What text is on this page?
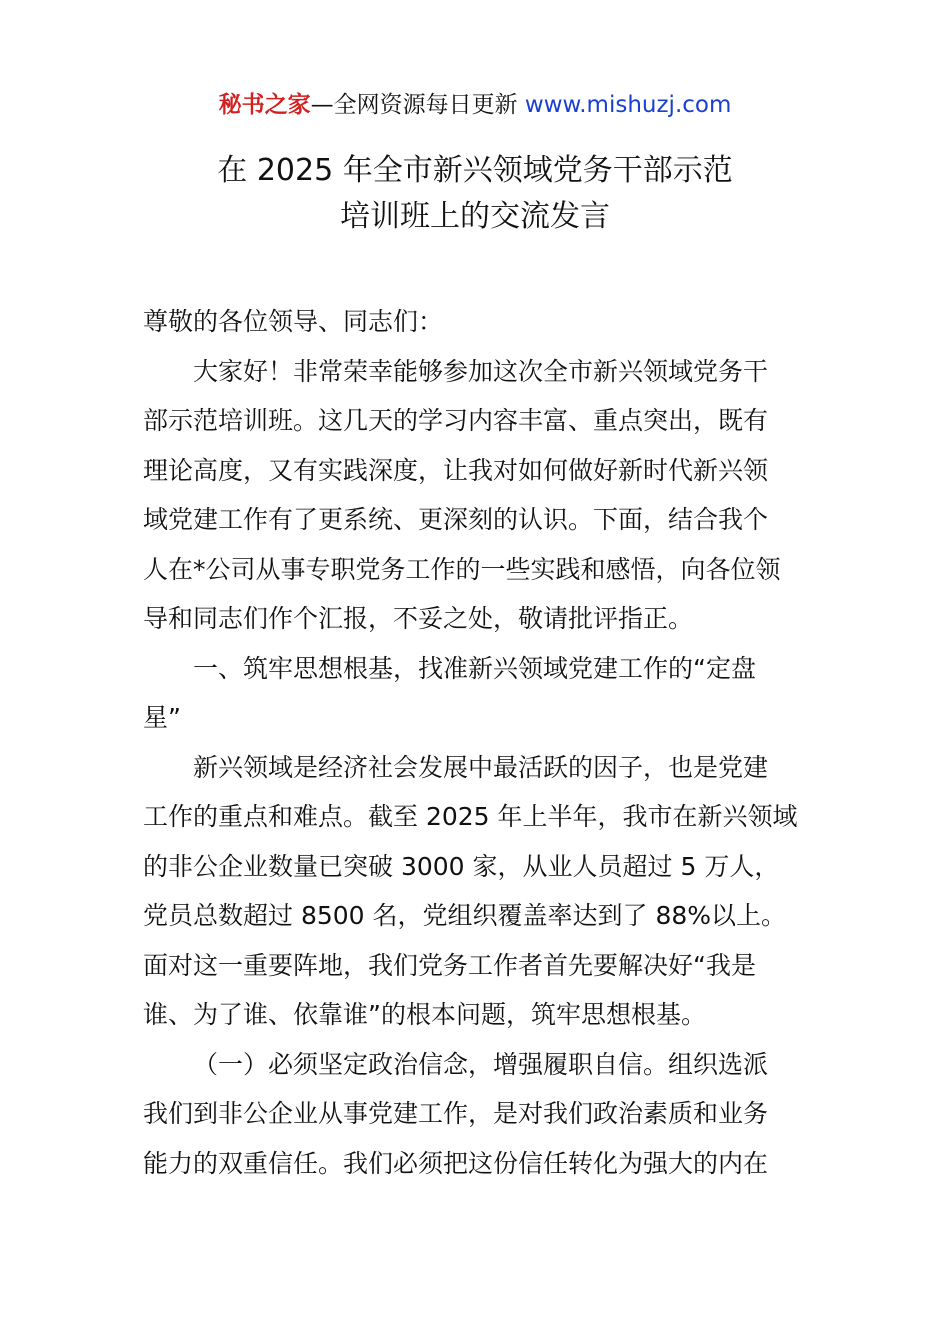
秘书之家—全网资源每日更新 www.mishuzj.com
在 2025 年全市新兴领域党务干部示范
培训班上的交流发言
尊敬的各位领导、同志们：
大家好！非常荣幸能够参加这次全市新兴领域党务干
部示范培训班。这几天的学习内容丰富、重点突出，既有
理论高度，又有实践深度，让我对如何做好新时代新兴领
域党建工作有了更系统、更深刻的认识。下面，结合我个
人在*公司从事专职党务工作的一些实践和感悟，向各位领
导和同志们作个汇报，不妥之处，敬请批评指正。
一、筑牢思想根基，找准新兴领域党建工作的“定盘
星”
新兴领域是经济社会发展中最活跃的因子，也是党建
工作的重点和难点。截至 2025 年上半年，我市在新兴领域
的非公企业数量已突破 3000 家，从业人员超过 5 万人，
党员总数超过 8500 名，党组织覆盖率达到了 88%以上。
面对这一重要阵地，我们党务工作者首先要解决好“我是
谁、为了谁、依靠谁”的根本问题，筑牢思想根基。
（一）必须坚定政治信念，增强履职自信。组织选派
我们到非公企业从事党建工作，是对我们政治素质和业务
能力的双重信任。我们必须把这份信任转化为强大的内在
